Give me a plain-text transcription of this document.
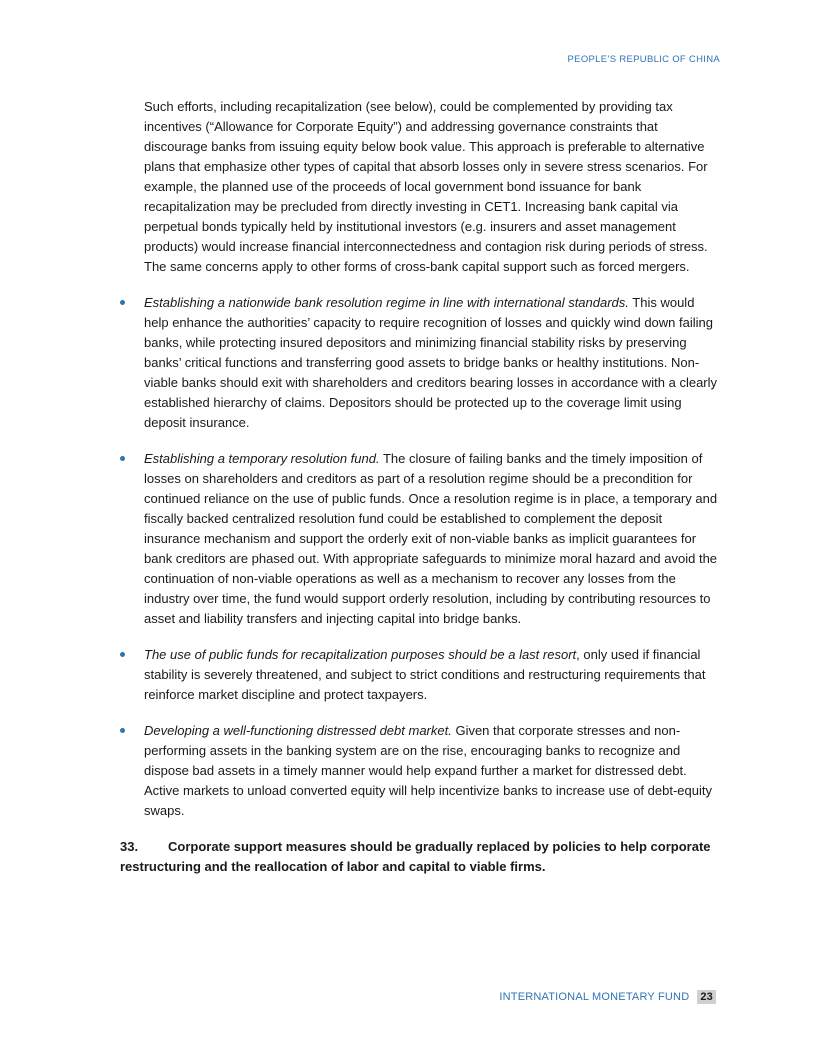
PEOPLE’S REPUBLIC OF CHINA

Such efforts, including recapitalization (see below), could be complemented by providing tax incentives (“Allowance for Corporate Equity”) and addressing governance constraints that discourage banks from issuing equity below book value. This approach is preferable to alternative plans that emphasize other types of capital that absorb losses only in severe stress scenarios. For example, the planned use of the proceeds of local government bond issuance for bank recapitalization may be precluded from directly investing in CET1. Increasing bank capital via perpetual bonds typically held by institutional investors (e.g. insurers and asset management products) would increase financial interconnectedness and contagion risk during periods of stress. The same concerns apply to other forms of cross-bank capital support such as forced mergers.

Establishing a nationwide bank resolution regime in line with international standards. This would help enhance the authorities’ capacity to require recognition of losses and quickly wind down failing banks, while protecting insured depositors and minimizing financial stability risks by preserving banks’ critical functions and transferring good assets to bridge banks or healthy institutions. Non-viable banks should exit with shareholders and creditors bearing losses in accordance with a clearly established hierarchy of claims. Depositors should be protected up to the coverage limit using deposit insurance.
Establishing a temporary resolution fund. The closure of failing banks and the timely imposition of losses on shareholders and creditors as part of a resolution regime should be a precondition for continued reliance on the use of public funds. Once a resolution regime is in place, a temporary and fiscally backed centralized resolution fund could be established to complement the deposit insurance mechanism and support the orderly exit of non-viable banks as implicit guarantees for bank creditors are phased out. With appropriate safeguards to minimize moral hazard and avoid the continuation of non-viable operations as well as a mechanism to recover any losses from the industry over time, the fund would support orderly resolution, including by contributing resources to asset and liability transfers and injecting capital into bridge banks.
The use of public funds for recapitalization purposes should be a last resort, only used if financial stability is severely threatened, and subject to strict conditions and restructuring requirements that reinforce market discipline and protect taxpayers.
Developing a well-functioning distressed debt market. Given that corporate stresses and non-performing assets in the banking system are on the rise, encouraging banks to recognize and dispose bad assets in a timely manner would help expand further a market for distressed debt. Active markets to unload converted equity will help incentivize banks to increase use of debt-equity swaps.

33. Corporate support measures should be gradually replaced by policies to help corporate restructuring and the reallocation of labor and capital to viable firms.

INTERNATIONAL MONETARY FUND 23
